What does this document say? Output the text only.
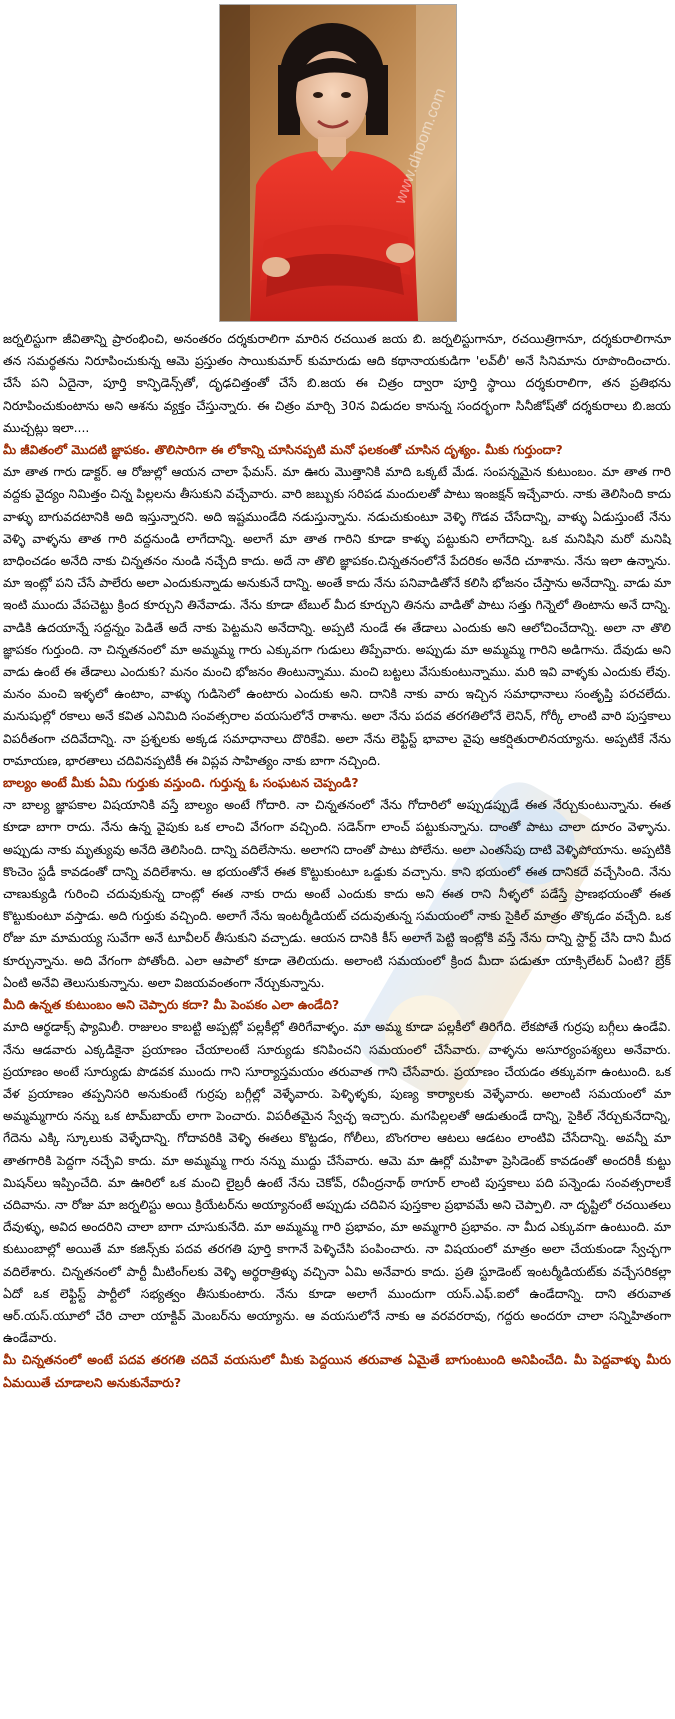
www.dhoom.com

జర్నలిస్టుగా జీవితాన్ని ప్రారంభించి, అనంతరం దర్శకురాలిగా మారిన రచయిత జయ బి. జర్నలిస్టుగానూ, రచయిత్రిగానూ, దర్శకురాలిగానూ తన సమర్థతను నిరూపించుకున్న ఆమె ప్రస్తుతం సాయికుమార్ కుమారుడు ఆది కథానాయకుడిగా 'లవ్‌లీ' అనే సినిమాను రూపొందించారు. చేసే పని ఏదైనా, పూర్తి కాన్ఫిడెన్స్‌తో, దృఢచిత్తంతో చేసే బి.జయ ఈ చిత్రం ద్వారా పూర్తి స్థాయి దర్శకురాలిగా, తన ప్రతిభను నిరూపించుకుంటాను అని ఆశను వ్యక్తం చేస్తున్నారు. ఈ చిత్రం మార్చి 30న విడుదల కానున్న సందర్భంగా సినీజోష్‌తో దర్శకురాలు బి.జయ ముచ్చట్లు ఇలా....

మీ జీవితంలో మొదటి జ్ఞాపకం. తొలిసారిగా ఈ లోకాన్ని చూసినప్పటి మనో ఫలకంతో చూసిన దృశ్యం. మీకు గుర్తుందా?

మా తాత గారు డాక్టర్. ఆ రోజుల్లో ఆయన చాలా ఫేమస్. మా ఊరు మొత్తానికి మాది ఒక్కటే మేడ. సంపన్నమైన కుటుంబం. మా తాత గారి వద్దకు వైద్యం నిమిత్తం చిన్న పిల్లలను తీసుకుని వచ్చేవారు. వారి జబ్బుకు సరిపడ మందులతో పాటు ఇంజక్షన్ ఇచ్చేవారు. నాకు తెలిసింది కాదు వాళ్ళు బాగువదటానికి అది ఇస్తున్నారని. అది ఇష్టముండేది నడుస్తున్నాను. నడుచుకుంటూ వెళ్ళి గొడవ చేసేదాన్ని, వాళ్ళు ఏడుస్తుంటే నేను వెళ్ళి వాళ్ళను తాత గారి వద్దనుండి లాగేదాన్ని. అలాగే మా తాత గారిని కూడా కాళ్ళు పట్టుకుని లాగేదాన్ని. ఒక మనిషిని మరో మనిషి బాధించడం అనేది నాకు చిన్నతనం నుండి నచ్చేది కాదు. అదే నా తొలి జ్ఞాపకం.చిన్నతనంలోనే పేదరికం అనేది చూశాను. నేను ఇలా ఉన్నాను. మా ఇంట్లో పని చేసే పాలేరు అలా ఎందుకున్నాడు అనుకునే దాన్ని. అంతే కాదు నేను పనివాడితోనే కలిసి భోజనం చేస్తాను అనేదాన్ని. వాడు మా ఇంటి ముందు వేపచెట్టు క్రింద కూర్చుని తినేవాడు. నేను కూడా టేబుల్ మీద కూర్చుని తినను వాడితో పాటు సత్తు గిన్నెలో తింటాను అనే దాన్ని. వాడికి ఉదయాన్నే సద్దన్నం పెడితే అదే నాకు పెట్టమని అనేదాన్ని. అప్పటి నుండే ఈ తేడాలు ఎందుకు అని ఆలోచించేదాన్ని. అలా నా తొలి జ్ఞాపకం గుర్తుంది. నా చిన్నతనంలో మా అమ్మమ్మ గారు ఎక్కువగా గుడులు తిప్పేవారు. అప్పుడు మా అమ్మమ్మ గారిని అడిగాను. దేవుడు అని వాడు ఉంటే ఈ తేడాలు ఎందుకు? మనం మంచి భోజనం తింటున్నాము. మంచి బట్టలు వేసుకుంటున్నాము. మరి ఇవి వాళ్ళకు ఎందుకు లేవు. మనం మంచి ఇళ్ళలో ఉంటాం, వాళ్ళు గుడిసెలో ఉంటారు ఎందుకు అని. దానికి నాకు వారు ఇచ్చిన సమాధానాలు సంతృప్తి పరచలేదు. మనుషుల్లో రకాలు అనే కవిత ఎనిమిది సంవత్సరాల వయసులోనే రాశాను. అలా నేను పదవ తరగతిలోనే లెనిన్, గోర్కీ లాంటి వారి పుస్తకాలు విపరీతంగా చదివేదాన్ని. నా ప్రశ్నలకు అక్కడ సమాధానాలు దొరికేవి. అలా నేను లెఫ్టిస్ట్ భావాల వైపు ఆకర్షితురాలినయ్యాను. అప్పటికే నేను రామాయణ, భారతాలు చదివినప్పటికీ ఈ విప్లవ సాహిత్యం నాకు బాగా నచ్చింది.

బాల్యం అంటే మీకు ఏమి గుర్తుకు వస్తుంది. గుర్తున్న ఓ సంఘటన చెప్పండి?

నా బాల్య జ్ఞాపకాల విషయానికి వస్తే బాల్యం అంటే గోదారి. నా చిన్నతనంలో నేను గోదారిలో అప్పుడప్పుడే ఈత నేర్చుకుంటున్నాను. ఈత కూడా బాగా రాదు. నేను ఉన్న వైపుకు ఒక లాంచి వేగంగా వచ్చింది. సడెన్‌గా లాంచ్ పట్టుకున్నాను. దాంతో పాటు చాలా దూరం వెళ్ళాను. అప్పుడు నాకు మృత్యువు అనేది తెలిసింది. దాన్ని వదిలేసాను. అలాగని దాంతో పాటు పోలేను. అలా ఎంతసేపు దాటి వెళ్ళిపోయాను. అప్పటికి కొంచెం స్టడీ కావడంతో దాన్ని వదిలేశాను. ఆ భయంతోనే ఈత కొట్టుకుంటూ ఒడ్డుకు వచ్చాను. కాని భయంలో ఈత దానికదే వచ్చేసింది. నేను చాణుక్యుడి గురించి చదువుకున్న దాంట్లో ఈత నాకు రాదు అంటే ఎందుకు కాదు అని ఈత రాని నీళ్ళలో పడేస్తే ప్రాణభయంతో ఈత కొట్టుకుంటూ వస్తాడు. అది గుర్తుకు వచ్చింది. అలాగే నేను ఇంటర్మీడియట్ చదువుతున్న సమయంలో నాకు సైకిల్ మాత్రం తొక్కడం వచ్చేది. ఒక రోజు మా మామయ్య సువేగా అనే టూవీలర్ తీసుకుని వచ్చాడు. ఆయన దానికి కీస్ అలాగే పెట్టి ఇంట్లోకి వస్తే నేను దాన్ని స్టార్ట్ చేసి దాని మీద కూర్చున్నాను. అది వేగంగా పోతోంది. ఎలా ఆపాలో కూడా తెలియదు. అలాంటి సమయంలో క్రింద మీదా పడుతూ యాక్సిలేటర్ ఏంటి? బ్రేక్ ఏంటి అనేవి తెలుసుకున్నాను. అలా విజయవంతంగా నేర్చుకున్నాను.

మీది ఉన్నత కుటుంబం అని చెప్పారు కదా? మీ పెంపకం ఎలా ఉండేది?

మాది ఆర్థడాక్స్ ఫ్యామిలీ. రాజులం కాబట్టి అప్పట్లో పల్లకీల్లో తిరిగేవాళ్ళం. మా అమ్మ కూడా పల్లకీలో తిరిగేది. లేకపోతే గుర్రపు బగ్గీలు ఉండేవి. నేను ఆడవారు ఎక్కడికైనా ప్రయాణం చేయాలంటే సూర్యుడు కనిపించని సమయంలో చేసేవారు. వాళ్ళను అసూర్యంపశ్యలు అనేవారు. ప్రయాణం అంటే సూర్యుడు పొడవక ముందు గాని సూర్యాస్తమయం తరువాత గాని చేసేవారు. ప్రయాణం చేయడం తక్కువగా ఉంటుంది. ఒక వేళ ప్రయాణం తప్పనిసరి అనుకుంటే గుర్రపు బగ్గీల్లో వెళ్ళేవారు. పెళ్ళిళ్ళకు, పుణ్య కార్యాలకు వెళ్ళేవారు. అలాంటి సమయంలో మా అమ్మమ్మగారు నన్ను ఒక టామ్‌బాయ్ లాగా పెంచారు. విపరీతమైన స్వేచ్ఛ ఇచ్చారు. మగపిల్లలతో ఆడుతుండే దాన్ని, సైకిల్ నేర్చుకునేదాన్ని, గేదెను ఎక్కి స్కూలుకు వెళ్ళేదాన్ని. గోదావరికి వెళ్ళి ఈతలు కొట్టడం, గోలీలు, బొంగరాల ఆటలు ఆడటం లాంటివి చేసేదాన్ని. అవన్నీ మా తాతగారికి పెద్దగా నచ్చేవి కాదు. మా అమ్మమ్మ గారు నన్ను ముద్దు చేసేవారు. ఆమె మా ఊర్లో మహిళా ప్రెసిడెంట్ కావడంతో అందరికీ కుట్టు మిషన్‌లు ఇప్పించేది. మా ఊరిలో ఒక మంచి లైబ్రరీ ఉంటే నేను చెకోవ్, రవీంద్రనాథ్ ఠాగూర్ లాంటి పుస్తకాలు పది పన్నెండు సంవత్సరాలకే చదివాను. నా రోజు మా జర్నలిస్టు అయి క్రియేటర్‌ను అయ్యానంటే అప్పుడు చదివిన పుస్తకాల ప్రభావమే అని చెప్పాలి. నా దృష్టిలో రచయితలు దేవుళ్ళు, అవిద అందరిని చాలా బాగా చూసుకునేది. మా అమ్మమ్మ గారి ప్రభావం, మా అమ్మగారి ప్రభావం. నా మీద ఎక్కువగా ఉంటుంది. మా కుటుంబాల్లో అయితే మా కజిన్స్‌కు పదవ తరగతి పూర్తి కాగానే పెళ్ళిచేసి పంపించారు. నా విషయంలో మాత్రం అలా చేయకుండా స్వేచ్ఛగా వదిలేశారు. చిన్నతనంలో పార్టీ మీటింగ్‌లకు వెళ్ళి అర్థరాత్రిళ్ళు వచ్చినా ఏమి అనేవారు కాదు. ప్రతి స్టూడెంట్ ఇంటర్మీడియట్‌కు వచ్చేసరికల్లా ఏదో ఒక లెఫ్టిస్ట్ పార్టీలో సభ్యత్వం తీసుకుంటారు. నేను కూడా అలాగే ముందుగా యస్.ఎఫ్.ఐలో ఉండేదాన్ని. దాని తరువాత ఆర్.యస్.యూలో చేరి చాలా యాక్టివ్ మెంబర్‌ను అయ్యాను. ఆ వయసులోనే నాకు ఆ వరవరరావు, గద్దరు అందరూ చాలా సన్నిహితంగా ఉండేవారు.

మీ చిన్నతనంలో అంటే పదవ తరగతి చదివే వయసులో మీకు పెద్దయిన తరువాత ఏమైతే బాగుంటుంది అనిపించేది. మీ పెద్దవాళ్ళు మీరు ఏమయితే చూడాలని అనుకునేవారు?
